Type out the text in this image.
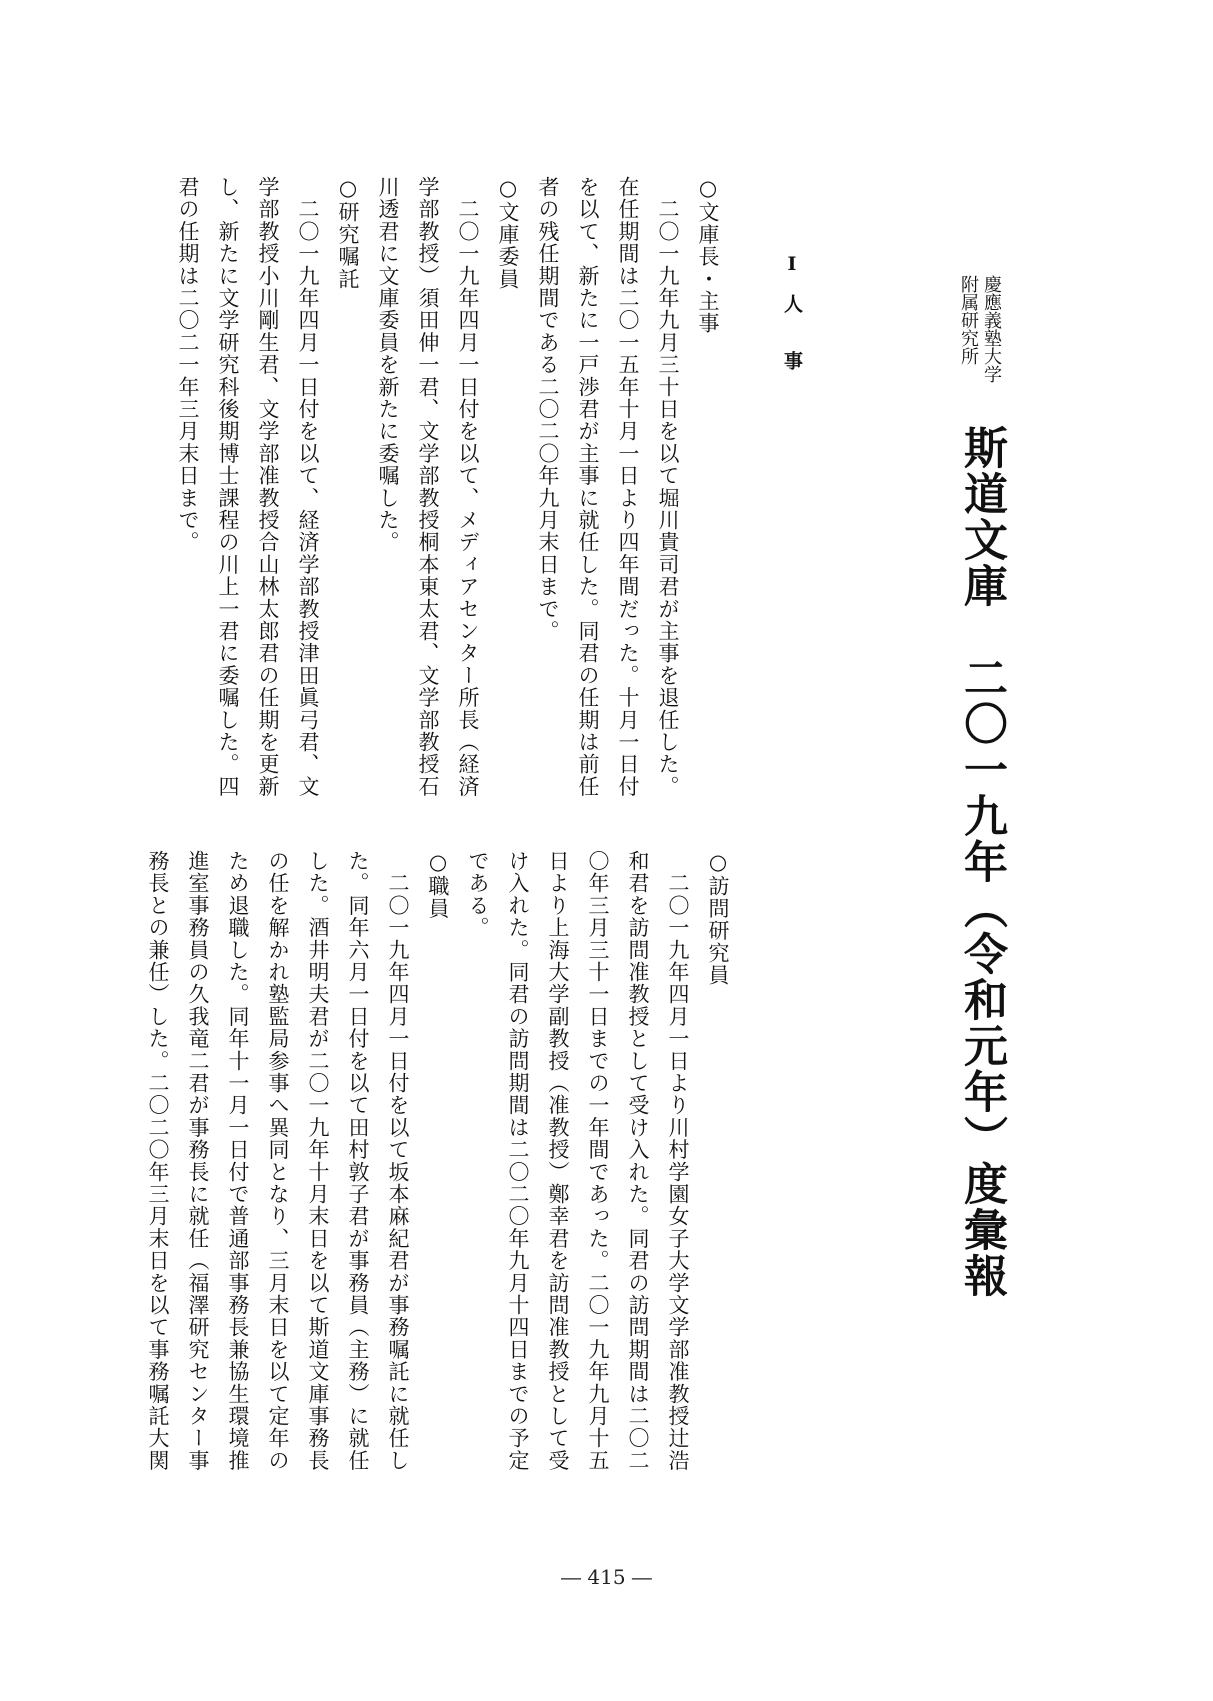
慶應義塾大学
附属研究所

斯道文庫　二〇一九年（令和元年）度彙報
Ⅰ　人　　事
○文庫長・主事
　二〇一九年九月三十日を以て堀川貴司君が主事を退任した。
在任期間は二〇一五年十月一日より四年間だった。十月一日付
を以て、新たに一戸渉君が主事に就任した。同君の任期は前任
者の残任期間である二〇二〇年九月末日まで。
○文庫委員
　二〇一九年四月一日付を以て、メディアセンター所長（経済
学部教授）須田伸一君、文学部教授桐本東太君、文学部教授石
川透君に文庫委員を新たに委嘱した。
○研究嘱託
　二〇一九年四月一日付を以て、経済学部教授津田眞弓君、文
学部教授小川剛生君、文学部准教授合山林太郎君の任期を更新
し、新たに文学研究科後期博士課程の川上一君に委嘱した。四
君の任期は二〇二一年三月末日まで。
○訪問研究員
　二〇一九年四月一日より川村学園女子大学文学部准教授辻浩
和君を訪問准教授として受け入れた。同君の訪問期間は二〇二
〇年三月三十一日までの一年間であった。二〇一九年九月十五
日より上海大学副教授（准教授）鄭幸君を訪問准教授として受
け入れた。同君の訪問期間は二〇二〇年九月十四日までの予定
である。
○職員
　二〇一九年四月一日付を以て坂本麻紀君が事務嘱託に就任し
た。同年六月一日付を以て田村敦子君が事務員（主務）に就任
した。酒井明夫君が二〇一九年十月末日を以て斯道文庫事務長
の任を解かれ塾監局参事へ異同となり、三月末日を以て定年の
ため退職した。同年十一月一日付で普通部事務長兼協生環境推
進室事務員の久我竜二君が事務長に就任（福澤研究センター事
務長との兼任）した。二〇二〇年三月末日を以て事務嘱託大関
― 415 ―
